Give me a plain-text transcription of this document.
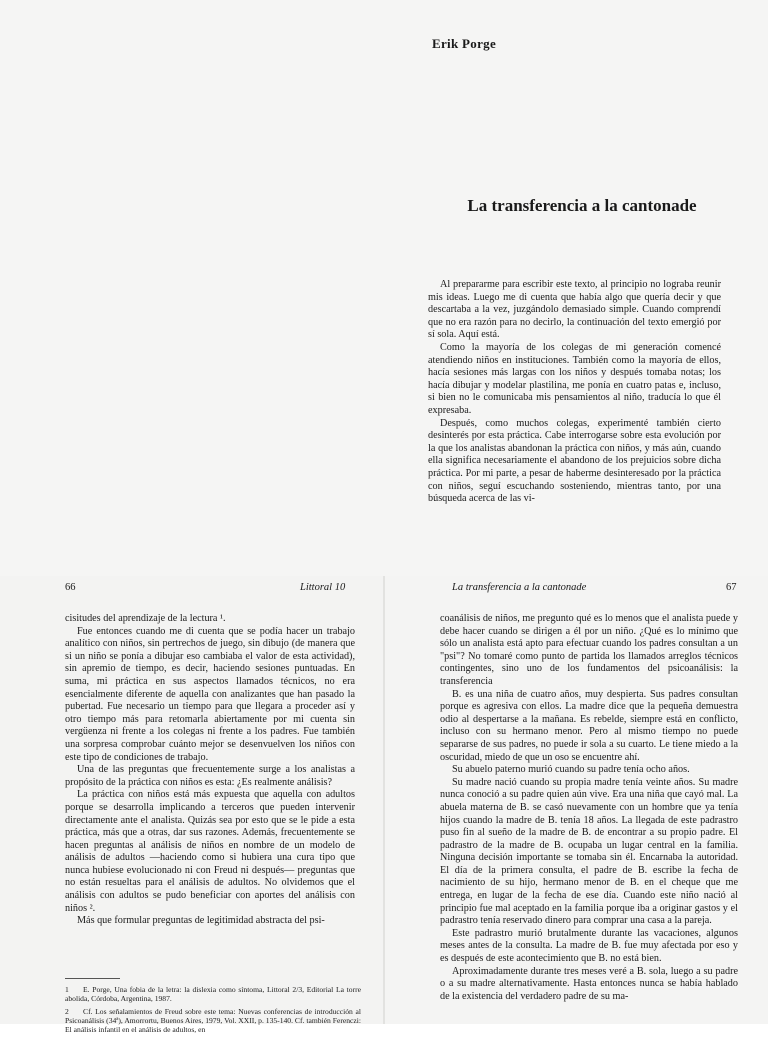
Erik Porge
La transferencia a la cantonade

Al prepararme para escribir este texto, al principio no lograba reunir mis ideas. Luego me di cuenta que había algo que quería decir y que descartaba a la vez, juzgándolo demasiado simple. Cuando comprendí que no era razón para no decirlo, la continuación del texto emergió por sí sola. Aquí está.

Como la mayoría de los colegas de mi generación comencé atendiendo niños en instituciones. También como la mayoría de ellos, hacía sesiones más largas con los niños y después tomaba notas; los hacía dibujar y modelar plastilina, me ponía en cuatro patas e, incluso, si bien no le comunicaba mis pensamientos al niño, traducía lo que él expresaba.

Después, como muchos colegas, experimenté también cierto desinterés por esta práctica. Cabe interrogarse sobre esta evolución por la que los analistas abandonan la práctica con niños, y más aún, cuando ella significa necesariamente el abandono de los prejuicios sobre dicha práctica. Por mi parte, a pesar de haberme desinteresado por la práctica con niños, seguí escuchando sosteniendo, mientras tanto, por una búsqueda acerca de las vi-

66	Littoral 10

cisitudes del aprendizaje de la lectura ¹.

Fue entonces cuando me di cuenta que se podía hacer un trabajo analítico con niños, sin pertrechos de juego, sin dibujo (de manera que si un niño se ponía a dibujar eso cambiaba el valor de esta actividad), sin apremio de tiempo, es decir, haciendo sesiones puntuadas. En suma, mi práctica en sus aspectos llamados técnicos, no era esencialmente diferente de aquella con analizantes que han pasado la pubertad. Fue necesario un tiempo para que llegara a proceder así y otro tiempo más para retomarla abiertamente por mi cuenta sin vergüenza ni frente a los colegas ni frente a los padres. Fue también una sorpresa comprobar cuánto mejor se desenvuelven los niños con este tipo de condiciones de trabajo.

Una de las preguntas que frecuentemente surge a los analistas a propósito de la práctica con niños es esta: ¿Es realmente análisis?

La práctica con niños está más expuesta que aquella con adultos porque se desarrolla implicando a terceros que pueden intervenir directamente ante el analista. Quizás sea por esto que se le pide a esta práctica, más que a otras, dar sus razones. Además, frecuentemente se hacen preguntas al análisis de niños en nombre de un modelo de análisis de adultos —haciendo como si hubiera una cura tipo que nunca hubiese evolucionado ni con Freud ni después— preguntas que no están resueltas para el análisis de adultos. No olvidemos que el análisis con adultos se pudo beneficiar con aportes del análisis con niños ².

Más que formular preguntas de legitimidad abstracta del psi-

1 E. Porge, Una fobia de la letra: la dislexia como síntoma, Littoral 2/3, Editorial La torre abolida, Córdoba, Argentina, 1987.
2 Cf. Los señalamientos de Freud sobre este tema: Nuevas conferencias de introducción al Psicoanálisis (34ª), Amorrortu, Buenos Aires, 1979, Vol. XXII, p. 135-140. Cf. también Ferenczi: El análisis infantil en el análisis de adultos, en
La transferencia a la cantonade	67

coanálisis de niños, me pregunto qué es lo menos que el analista puede y debe hacer cuando se dirigen a él por un niño. ¿Qué es lo mínimo que sólo un analista está apto para efectuar cuando los padres consultan a un "psi"? No tomaré como punto de partida los llamados arreglos técnicos contingentes, sino uno de los fundamentos del psicoanálisis: la transferencia

B. es una niña de cuatro años, muy despierta. Sus padres consultan porque es agresiva con ellos. La madre dice que la pequeña demuestra odio al despertarse a la mañana. Es rebelde, siempre está en conflicto, incluso con su hermano menor. Pero al mismo tiempo no puede separarse de sus padres, no puede ir sola a su cuarto. Le tiene miedo a la oscuridad, miedo de que un oso se encuentre ahí.

Su abuelo paterno murió cuando su padre tenía ocho años.

Su madre nació cuando su propia madre tenía veinte años. Su madre nunca conoció a su padre quien aún vive. Era una niña que cayó mal. La abuela materna de B. se casó nuevamente con un hombre que ya tenía hijos cuando la madre de B. tenía 18 años. La llegada de este padrastro puso fin al sueño de la madre de B. de encontrar a su propio padre. El padrastro de la madre de B. ocupaba un lugar central en la familia. Ninguna decisión importante se tomaba sin él. Encarnaba la autoridad. El día de la primera consulta, el padre de B. escribe la fecha de nacimiento de su hijo, hermano menor de B. en el cheque que me entrega, en lugar de la fecha de ese día. Cuando este niño nació al principio fue mal aceptado en la familia porque iba a originar gastos y el padrastro tenía reservado dinero para comprar una casa a la pareja.

Este padrastro murió brutalmente durante las vacaciones, algunos meses antes de la consulta. La madre de B. fue muy afectada por eso y es después de este acontecimiento que B. no está bien.

Aproximadamente durante tres meses veré a B. sola, luego a su padre o a su madre alternativamente. Hasta entonces nunca se había hablado de la existencia del verdadero padre de su ma-
